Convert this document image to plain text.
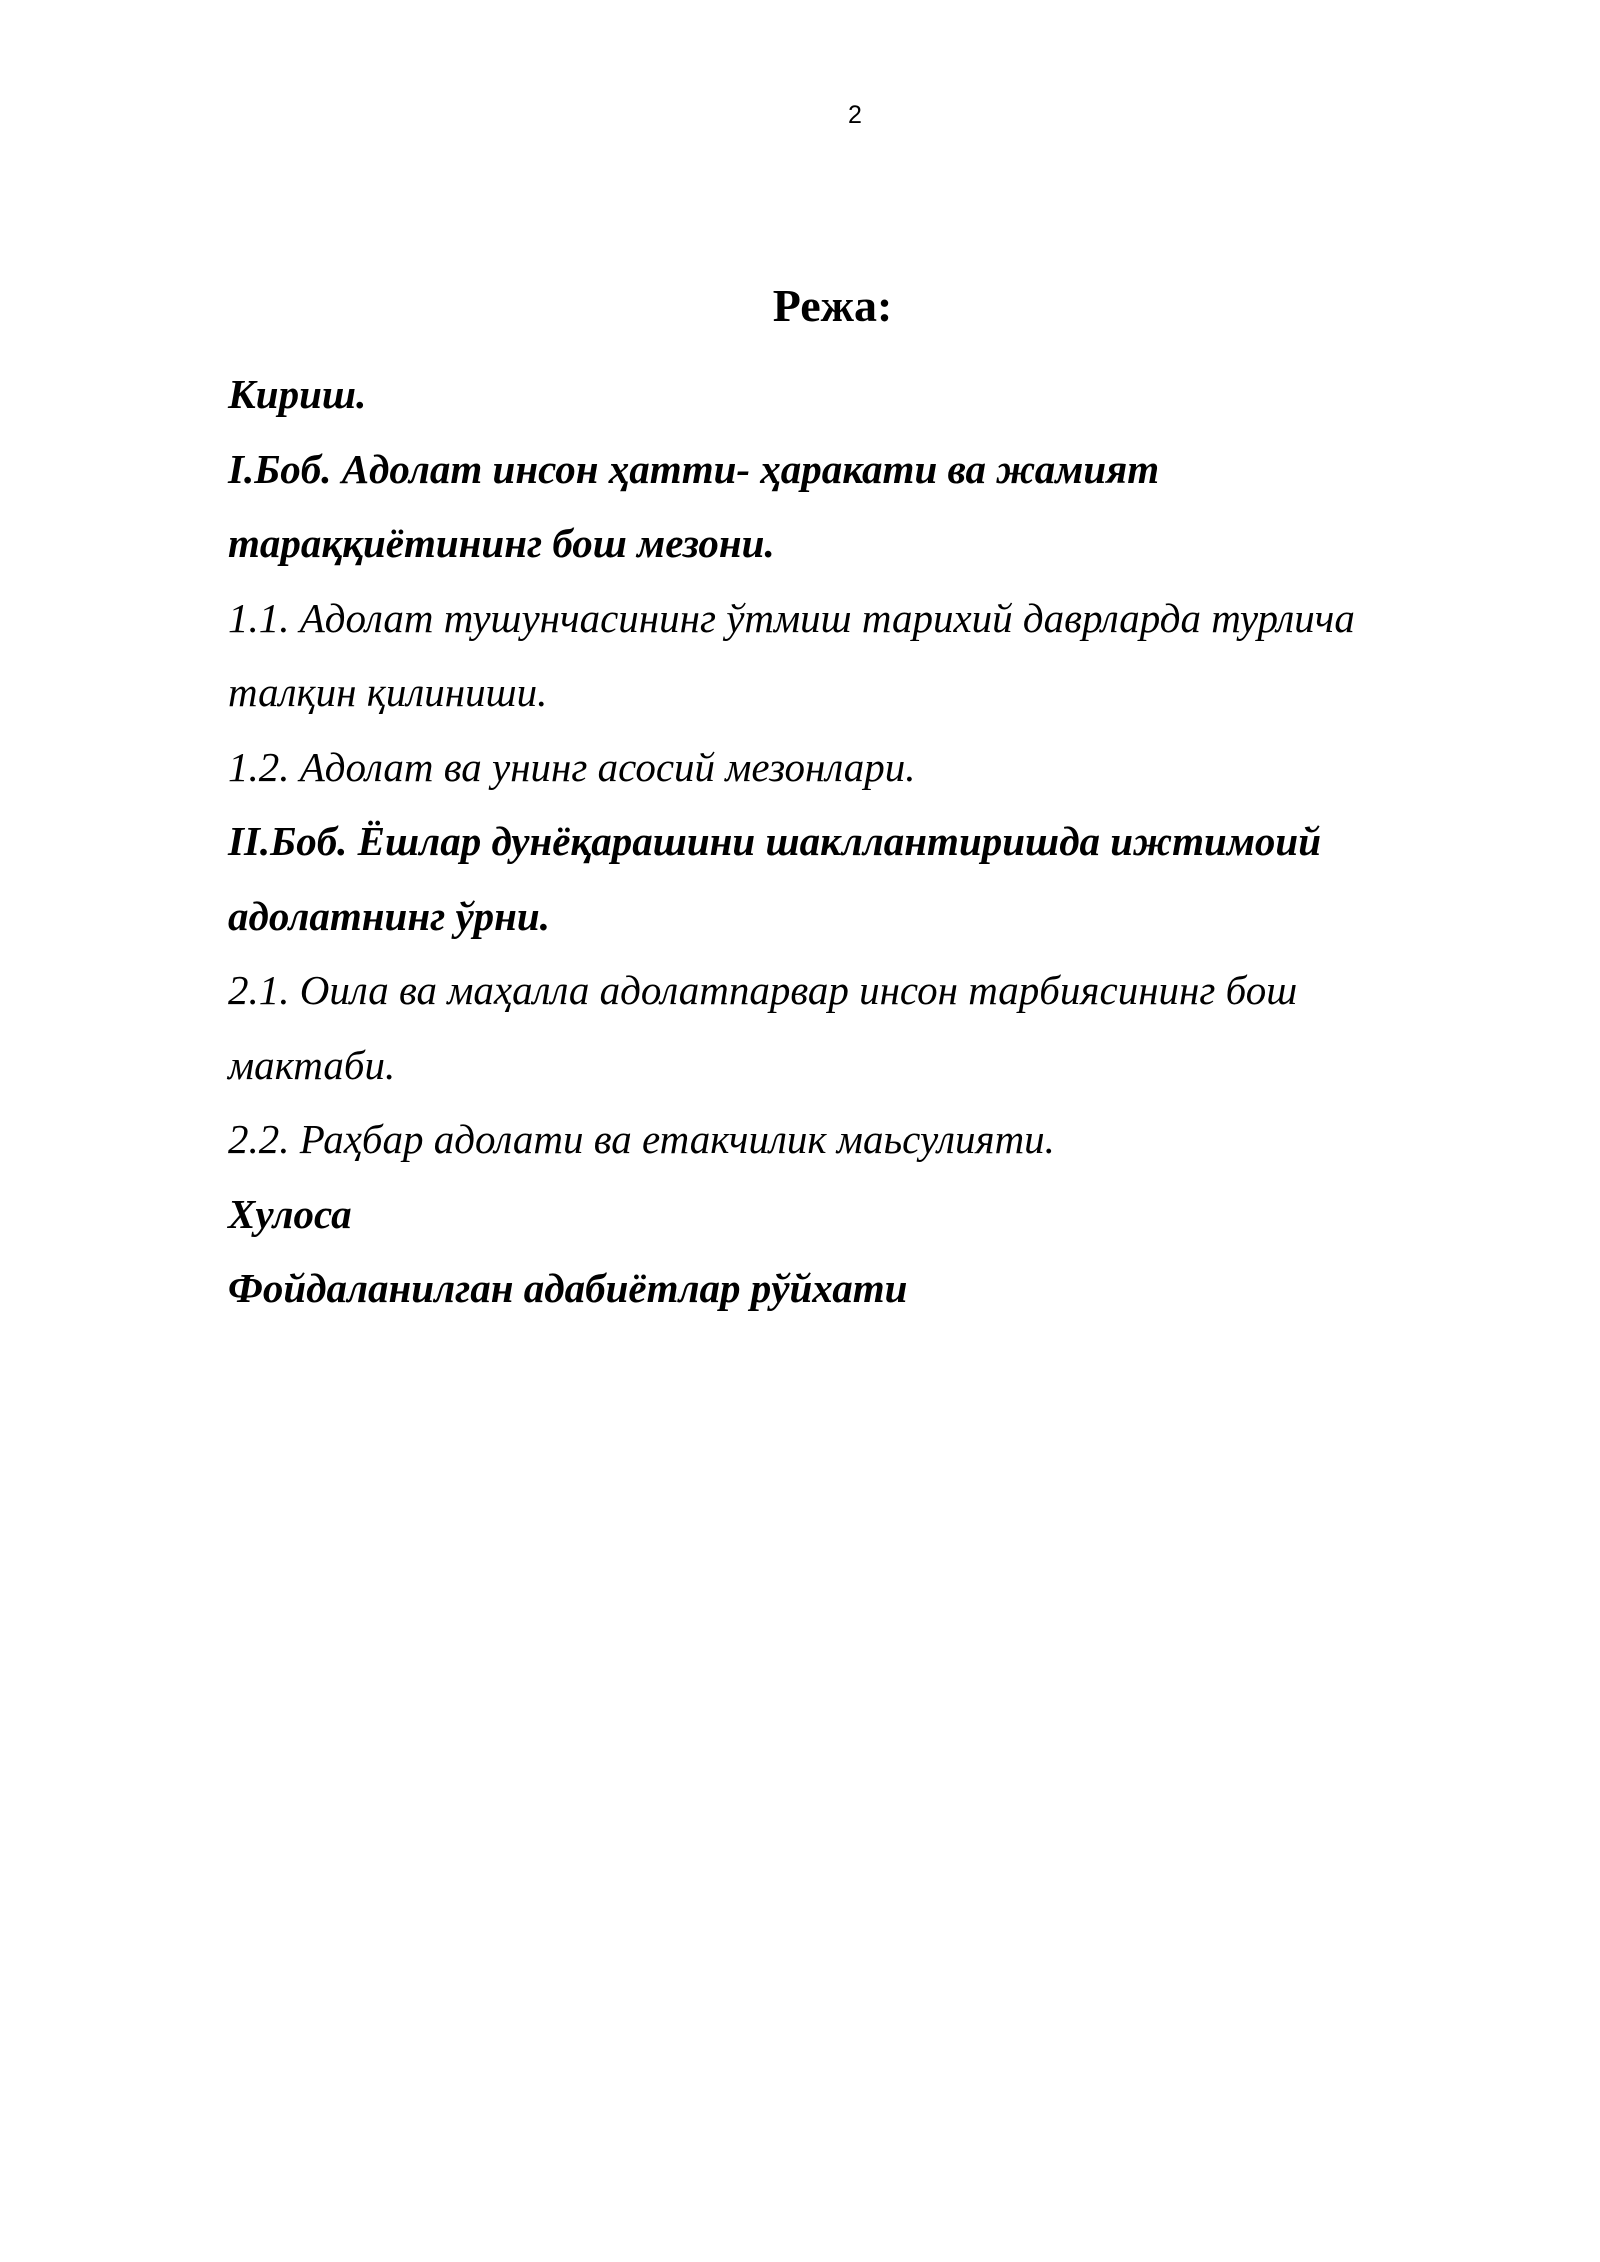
2
Режа:
Кириш.
I.Боб. Адолат инсон ҳатти- ҳаракати ва жамият тараққиётининг бош мезони.
1.1. Адолат тушунчасининг ўтмиш тарихий даврларда турлича талқин қилиниши.
1.2. Адолат ва унинг асосий мезонлари.
II.Боб. Ёшлар дунёқарашини шакллантиришда ижтимоий адолатнинг ўрни.
2.1. Оила ва маҳалла адолатпарвар инсон тарбиясининг бош мактаби.
2.2. Раҳбар адолати ва етакчилик маьсулияти.
Хулоса
Фойдаланилган адабиётлар рўйхати
